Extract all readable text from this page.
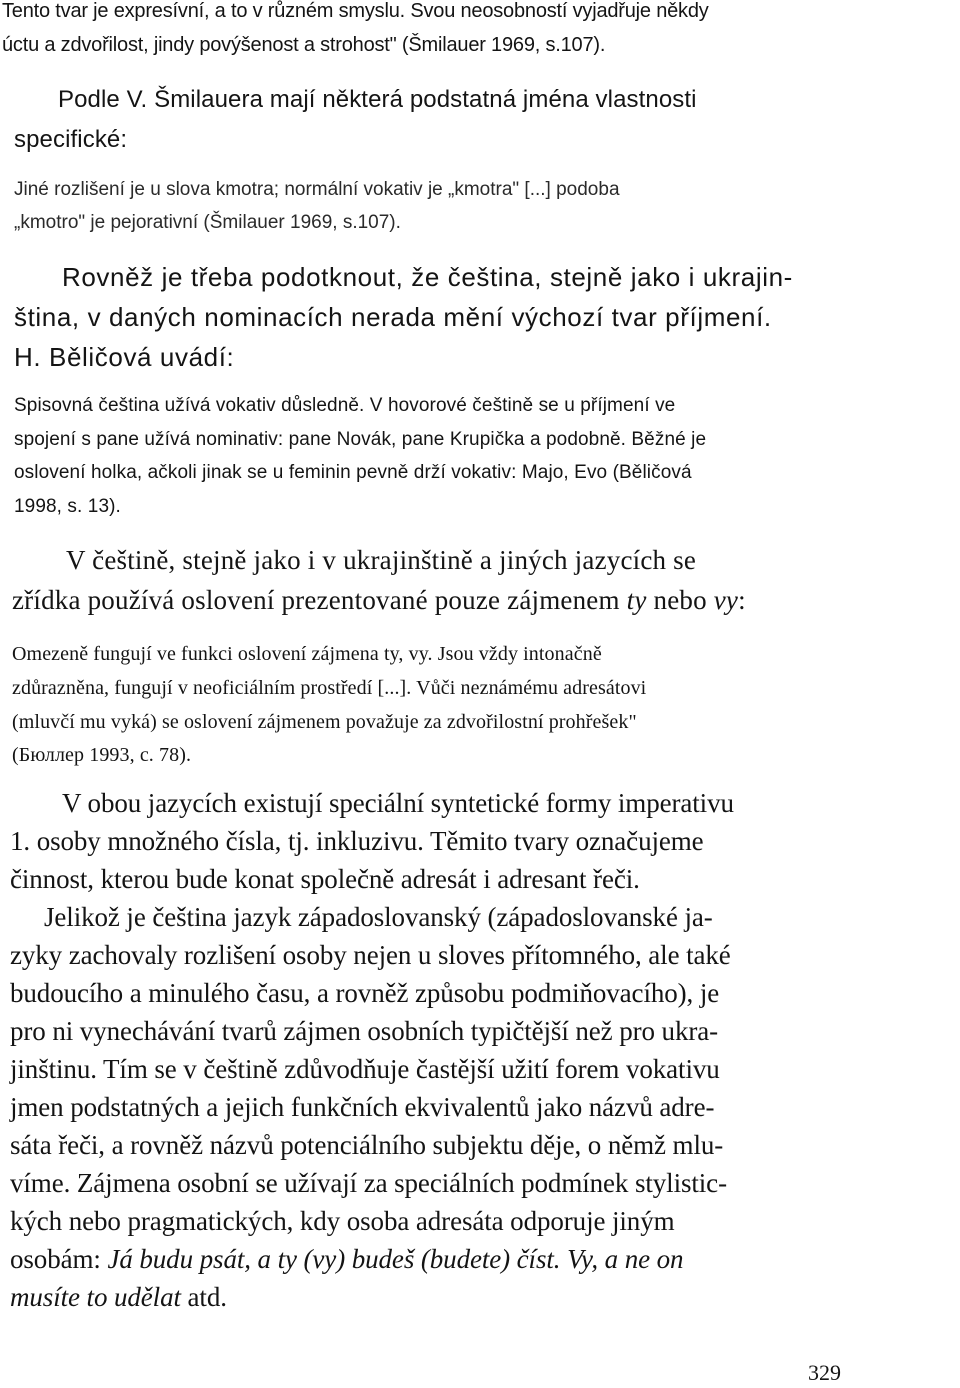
Tento tvar je expresívní, a to v různém smyslu. Svou neosobností vyjadřuje někdy

úctu a zdvořilost, jindy povýšenost a strohost" (Šmilauer 1969, s.107).

Podle V. Šmilauera mají některá podstatná jména vlastnosti

specifické:

Jiné rozlišení je u slova kmotra; normální vokativ je „kmotra" [...] podoba

„kmotro" je pejorativní (Šmilauer 1969, s.107).

Rovněž je třeba podotknout, že čeština, stejně jako i ukrajin-

ština, v daných nominacích nerada mění výchozí tvar příjmení.

H. Běličová uvádí:

Spisovná čeština užívá vokativ důsledně. V hovorové češtině se u příjmení ve

spojení s pane užívá nominativ: pane Novák, pane Krupička a podobně. Běžné je

oslovení holka, ačkoli jinak se u feminin pevně drží vokativ: Majo, Evo (Běličová

1998, s. 13).

V češtině, stejně jako i v ukrajinštině a jiných jazycích se

zřídka používá oslovení prezentované pouze zájmenem ty nebo vy:

Omezeně fungují ve funkci oslovení zájmena ty, vy. Jsou vždy intonačně

zdůrazněna, fungují v neoficiálním prostředí [...]. Vůči neznámému adresátovi

(mluvčí mu vyká) se oslovení zájmenem považuje za zdvořilostní prohřešek"

(Бюллер 1993, с. 78).

V obou jazycích existují speciální syntetické formy imperativu

1. osoby množného čísla, tj. inkluzivu. Těmito tvary označujeme

činnost, kterou bude konat společně adresát i adresant řeči.

Jelikož je čeština jazyk západoslovanský (západoslovanské ja-

zyky zachovaly rozlišení osoby nejen u sloves přítomného, ale také

budoucího a minulého času, a rovněž způsobu podmiňovacího), je

pro ni vynechávání tvarů zájmen osobních typičtější než pro ukra-

jinštinu. Tím se v češtině zdůvodňuje častější užití forem vokativu

jmen podstatných a jejich funkčních ekvivalentů jako názvů adre-

sáta řeči, a rovněž názvů potenciálního subjektu děje, o němž mlu-

víme. Zájmena osobní se užívají za speciálních podmínek stylistic-

kých nebo pragmatických, kdy osoba adresáta odporuje jiným

osobám: Já budu psát, a ty (vy) budeš (budete) číst. Vy, a ne on

musíte to udělat atd.

329
